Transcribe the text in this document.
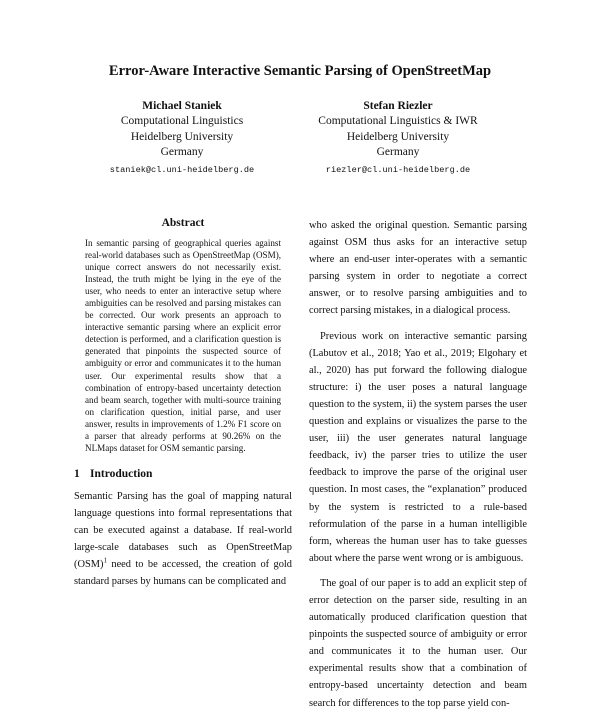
Error-Aware Interactive Semantic Parsing of OpenStreetMap
Michael Staniek
Computational Linguistics
Heidelberg University
Germany
staniek@cl.uni-heidelberg.de
Stefan Riezler
Computational Linguistics & IWR
Heidelberg University
Germany
riezler@cl.uni-heidelberg.de
Abstract

In semantic parsing of geographical queries against real-world databases such as OpenStreetMap (OSM), unique correct answers do not necessarily exist. Instead, the truth might be lying in the eye of the user, who needs to enter an interactive setup where ambiguities can be resolved and parsing mistakes can be corrected. Our work presents an approach to interactive semantic parsing where an explicit error detection is performed, and a clarification question is generated that pinpoints the suspected source of ambiguity or error and communicates it to the human user. Our experimental results show that a combination of entropy-based uncertainty detection and beam search, together with multi-source training on clarification question, initial parse, and user answer, results in improvements of 1.2% F1 score on a parser that already performs at 90.26% on the NLMaps dataset for OSM semantic parsing.

1 Introduction

Semantic Parsing has the goal of mapping natural language questions into formal representations that can be executed against a database. If real-world large-scale databases such as OpenStreetMap (OSM)$^1$ need to be accessed, the creation of gold standard parses by humans can be complicated and

who asked the original question. Semantic parsing against OSM thus asks for an interactive setup where an end-user inter-operates with a semantic parsing system in order to negotiate a correct answer, or to resolve parsing ambiguities and to correct parsing mistakes, in a dialogical process.

Previous work on interactive semantic parsing (Labutov et al., 2018; Yao et al., 2019; Elgohary et al., 2020) has put forward the following dialogue structure: i) the user poses a natural language question to the system, ii) the system parses the user question and explains or visualizes the parse to the user, iii) the user generates natural language feedback, iv) the parser tries to utilize the user feedback to improve the parse of the original user question. In most cases, the “explanation” produced by the system is restricted to a rule-based reformulation of the parse in a human intelligible form, whereas the human user has to take guesses about where the parse went wrong or is ambiguous.

The goal of our paper is to add an explicit step of error detection on the parser side, resulting in an automatically produced clarification question that pinpoints the suspected source of ambiguity or error and communicates it to the human user. Our experimental results show that a combination of entropy-based uncertainty detection and beam search for differences to the top parse yield con-
